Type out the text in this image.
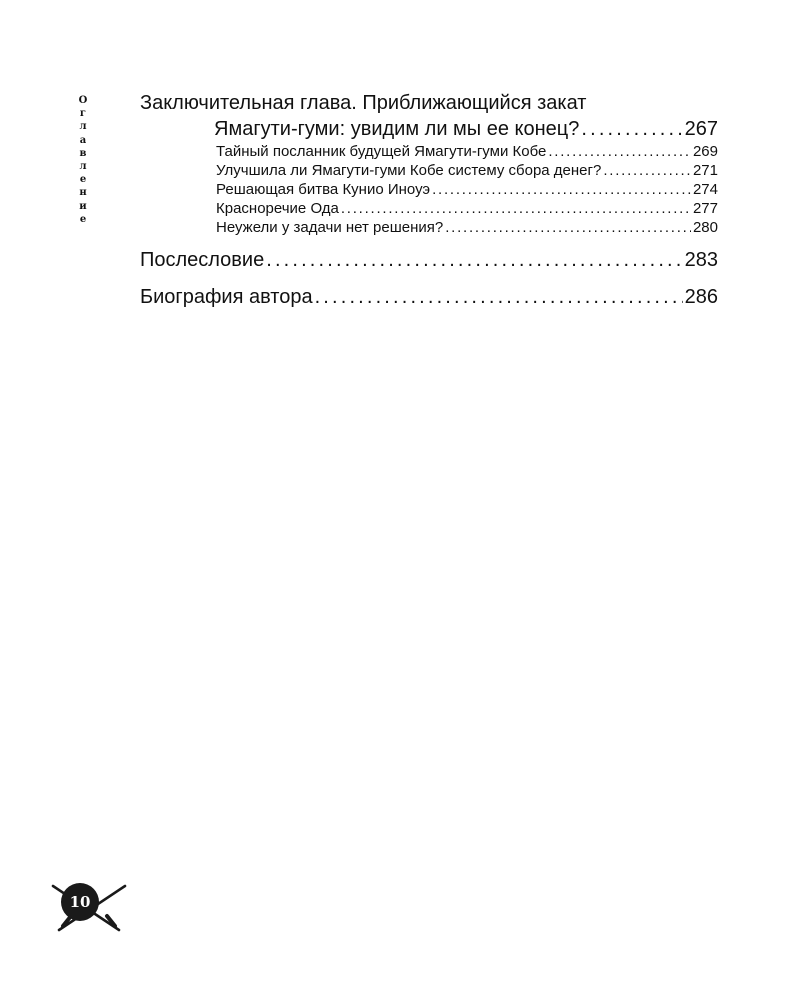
О
г
л
а
в
л
е
н
и
е
Заключительная глава. Приближающийся закат
Ямагути-гуми: увидим ли мы ее конец? . . .	267
Тайный посланник будущей Ямагути-гуми Кобе . . .	269
Улучшила ли Ямагути-гуми Кобе систему сбора денег? . . .	271
Решающая битва Кунио Иноуэ . . .	274
Красноречие Ода . . .	277
Неужели у задачи нет решения? . . .	280
Послесловие . . .	283
Биография автора . . .	286
10
